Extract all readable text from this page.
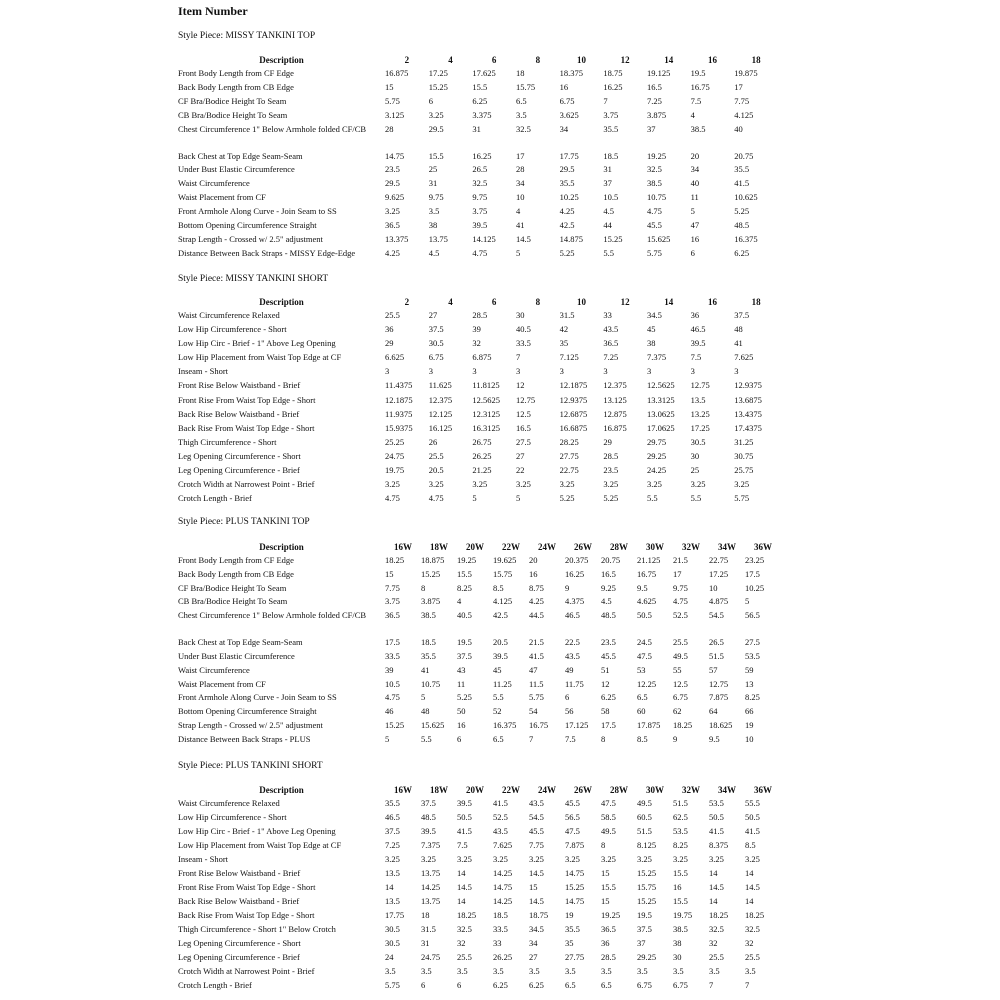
Item Number
Style Piece: MISSY TANKINI TOP
Description	2	4	6	8	10	12	14	16	18
Front Body Length from CF Edge	16.875	17.25	17.625	18	18.375	18.75	19.125	19.5	19.875
Back Body Length from CB Edge	15	15.25	15.5	15.75	16	16.25	16.5	16.75	17
CF Bra/Bodice Height To Seam	5.75	6	6.25	6.5	6.75	7	7.25	7.5	7.75
CB Bra/Bodice Height To Seam	3.125	3.25	3.375	3.5	3.625	3.75	3.875	4	4.125
Chest Circumference 1" Below Armhole folded CF/CB	28	29.5	31	32.5	34	35.5	37	38.5	40
Back Chest at Top Edge Seam-Seam	14.75	15.5	16.25	17	17.75	18.5	19.25	20	20.75
Under Bust Elastic Circumference	23.5	25	26.5	28	29.5	31	32.5	34	35.5
Waist Circumference	29.5	31	32.5	34	35.5	37	38.5	40	41.5
Waist Placement from CF	9.625	9.75	9.75	10	10.25	10.5	10.75	11	10.625
Front Armhole Along Curve - Join Seam to SS	3.25	3.5	3.75	4	4.25	4.5	4.75	5	5.25
Bottom Opening Circumference Straight	36.5	38	39.5	41	42.5	44	45.5	47	48.5
Strap Length - Crossed w/ 2.5" adjustment	13.375	13.75	14.125	14.5	14.875	15.25	15.625	16	16.375
Distance Between Back Straps - MISSY Edge-Edge	4.25	4.5	4.75	5	5.25	5.5	5.75	6	6.25
Style Piece: MISSY TANKINI SHORT
Description	2	4	6	8	10	12	14	16	18
Waist Circumference Relaxed	25.5	27	28.5	30	31.5	33	34.5	36	37.5
Low Hip Circumference - Short	36	37.5	39	40.5	42	43.5	45	46.5	48
Low Hip Circ - Brief - 1" Above Leg Opening	29	30.5	32	33.5	35	36.5	38	39.5	41
Low Hip Placement from Waist Top Edge at CF	6.625	6.75	6.875	7	7.125	7.25	7.375	7.5	7.625
Inseam - Short	3	3	3	3	3	3	3	3	3
Front Rise Below Waistband - Brief	11.4375	11.625	11.8125	12	12.1875	12.375	12.5625	12.75	12.9375
Front Rise From Waist Top Edge - Short	12.1875	12.375	12.5625	12.75	12.9375	13.125	13.3125	13.5	13.6875
Back Rise Below Waistband - Brief	11.9375	12.125	12.3125	12.5	12.6875	12.875	13.0625	13.25	13.4375
Back Rise From Waist Top Edge - Short	15.9375	16.125	16.3125	16.5	16.6875	16.875	17.0625	17.25	17.4375
Thigh Circumference - Short	25.25	26	26.75	27.5	28.25	29	29.75	30.5	31.25
Leg Opening Circumference - Short	24.75	25.5	26.25	27	27.75	28.5	29.25	30	30.75
Leg Opening Circumference - Brief	19.75	20.5	21.25	22	22.75	23.5	24.25	25	25.75
Crotch Width at Narrowest Point - Brief	3.25	3.25	3.25	3.25	3.25	3.25	3.25	3.25	3.25
Crotch Length - Brief	4.75	4.75	5	5	5.25	5.25	5.5	5.5	5.75
Style Piece: PLUS TANKINI TOP
Description	16W	18W	20W	22W	24W	26W	28W	30W	32W	34W	36W
Front Body Length from CF Edge	18.25	18.875	19.25	19.625	20	20.375	20.75	21.125	21.5	22.75	23.25
Back Body Length from CB Edge	15	15.25	15.5	15.75	16	16.25	16.5	16.75	17	17.25	17.5
CF Bra/Bodice Height To Seam	7.75	8	8.25	8.5	8.75	9	9.25	9.5	9.75	10	10.25
CB Bra/Bodice Height To Seam	3.75	3.875	4	4.125	4.25	4.375	4.5	4.625	4.75	4.875	5
Chest Circumference 1" Below Armhole folded CF/CB	36.5	38.5	40.5	42.5	44.5	46.5	48.5	50.5	52.5	54.5	56.5
Back Chest at Top Edge Seam-Seam	17.5	18.5	19.5	20.5	21.5	22.5	23.5	24.5	25.5	26.5	27.5
Under Bust Elastic Circumference	33.5	35.5	37.5	39.5	41.5	43.5	45.5	47.5	49.5	51.5	53.5
Waist Circumference	39	41	43	45	47	49	51	53	55	57	59
Waist Placement from CF	10.5	10.75	11	11.25	11.5	11.75	12	12.25	12.5	12.75	13
Front Armhole Along Curve - Join Seam to SS	4.75	5	5.25	5.5	5.75	6	6.25	6.5	6.75	7.875	8.25
Bottom Opening Circumference Straight	46	48	50	52	54	56	58	60	62	64	66
Strap Length - Crossed w/ 2.5" adjustment	15.25	15.625	16	16.375	16.75	17.125	17.5	17.875	18.25	18.625	19
Distance Between Back Straps - PLUS	5	5.5	6	6.5	7	7.5	8	8.5	9	9.5	10
Style Piece: PLUS TANKINI SHORT
Description	16W	18W	20W	22W	24W	26W	28W	30W	32W	34W	36W
Waist Circumference Relaxed	35.5	37.5	39.5	41.5	43.5	45.5	47.5	49.5	51.5	53.5	55.5
Low Hip Circumference - Short	46.5	48.5	50.5	52.5	54.5	56.5	58.5	60.5	62.5	50.5	50.5
Low Hip Circ - Brief - 1" Above Leg Opening	37.5	39.5	41.5	43.5	45.5	47.5	49.5	51.5	53.5	41.5	41.5
Low Hip Placement from Waist Top Edge at CF	7.25	7.375	7.5	7.625	7.75	7.875	8	8.125	8.25	8.375	8.5
Inseam - Short	3.25	3.25	3.25	3.25	3.25	3.25	3.25	3.25	3.25	3.25	3.25
Front Rise Below Waistband - Brief	13.5	13.75	14	14.25	14.5	14.75	15	15.25	15.5	14	14
Front Rise From Waist Top Edge - Short	14	14.25	14.5	14.75	15	15.25	15.5	15.75	16	14.5	14.5
Back Rise Below Waistband - Brief	13.5	13.75	14	14.25	14.5	14.75	15	15.25	15.5	14	14
Back Rise From Waist Top Edge - Short	17.75	18	18.25	18.5	18.75	19	19.25	19.5	19.75	18.25	18.25
Thigh Circumference - Short 1" Below Crotch	30.5	31.5	32.5	33.5	34.5	35.5	36.5	37.5	38.5	32.5	32.5
Leg Opening Circumference - Short	30.5	31	32	33	34	35	36	37	38	32	32
Leg Opening Circumference - Brief	24	24.75	25.5	26.25	27	27.75	28.5	29.25	30	25.5	25.5
Crotch Width at Narrowest Point - Brief	3.5	3.5	3.5	3.5	3.5	3.5	3.5	3.5	3.5	3.5	3.5
Crotch Length - Brief	5.75	6	6	6.25	6.25	6.5	6.5	6.75	6.75	7	7
